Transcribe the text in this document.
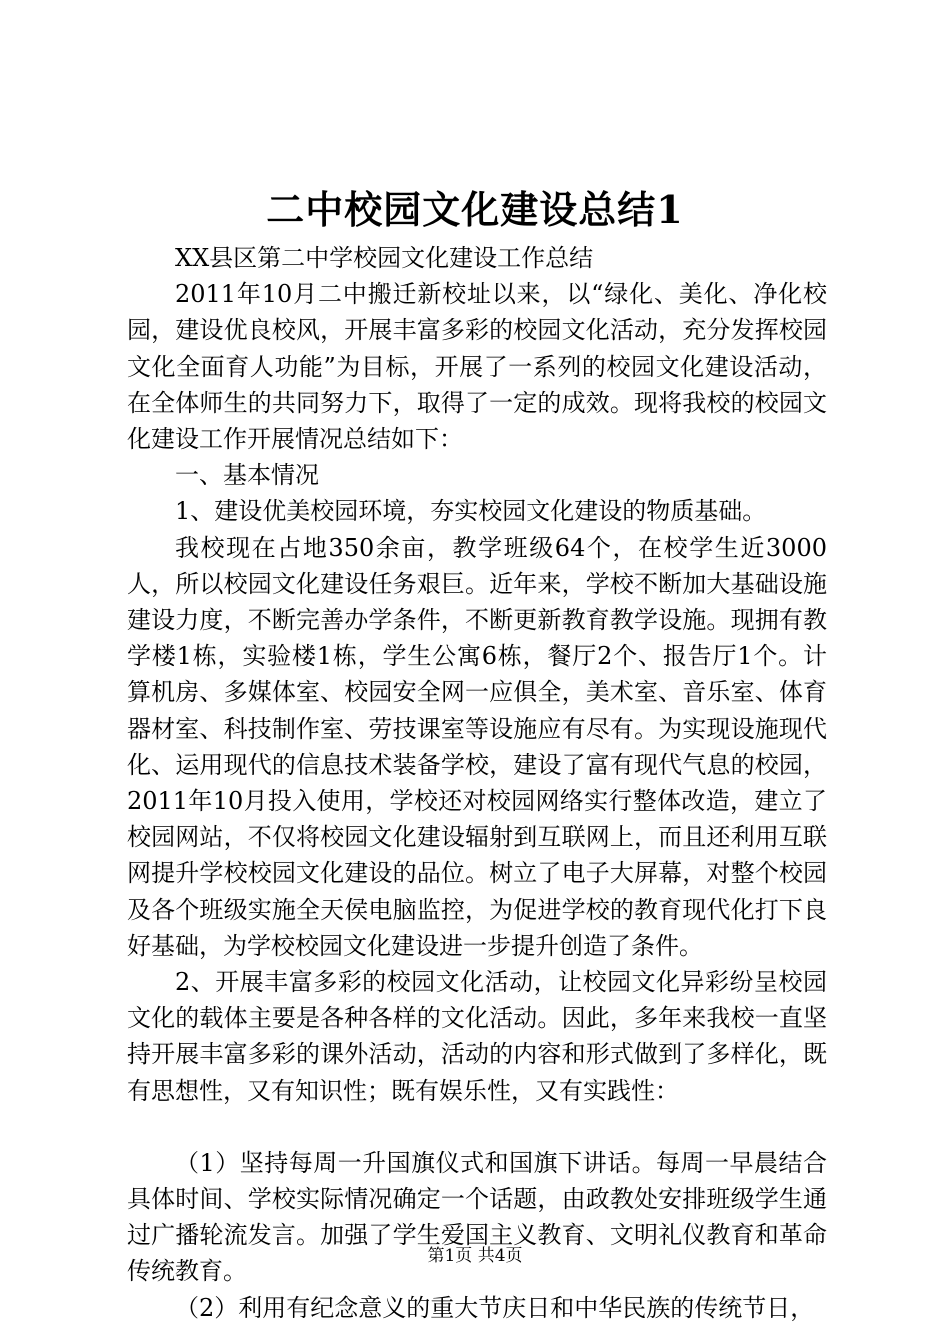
二中校园文化建设总结1

XX县区第二中学校园文化建设工作总结

2011年10月二中搬迁新校址以来，以“绿化、美化、净化校园，建设优良校风，开展丰富多彩的校园文化活动，充分发挥校园文化全面育人功能”为目标，开展了一系列的校园文化建设活动，在全体师生的共同努力下，取得了一定的成效。现将我校的校园文化建设工作开展情况总结如下：

一、基本情况

1、建设优美校园环境，夯实校园文化建设的物质基础。

我校现在占地350余亩，教学班级64个，在校学生近3000人，所以校园文化建设任务艰巨。近年来，学校不断加大基础设施建设力度，不断完善办学条件，不断更新教育教学设施。现拥有教学楼1栋，实验楼1栋，学生公寓6栋，餐厅2个、报告厅1个。计算机房、多媒体室、校园安全网一应俱全，美术室、音乐室、体育器材室、科技制作室、劳技课室等设施应有尽有。为实现设施现代化、运用现代的信息技术装备学校，建设了富有现代气息的校园，2011年10月投入使用，学校还对校园网络实行整体改造，建立了校园网站，不仅将校园文化建设辐射到互联网上，而且还利用互联网提升学校校园文化建设的品位。树立了电子大屏幕，对整个校园及各个班级实施全天侯电脑监控，为促进学校的教育现代化打下良好基础，为学校校园文化建设进一步提升创造了条件。

2、开展丰富多彩的校园文化活动，让校园文化异彩纷呈校园文化的载体主要是各种各样的文化活动。因此，多年来我校一直坚持开展丰富多彩的课外活动，活动的内容和形式做到了多样化，既有思想性，又有知识性；既有娱乐性，又有实践性：

（1）坚持每周一升国旗仪式和国旗下讲话。每周一早晨结合具体时间、学校实际情况确定一个话题，由政教处安排班级学生通过广播轮流发言。加强了学生爱国主义教育、文明礼仪教育和革命传统教育。

（2）利用有纪念意义的重大节庆日和中华民族的传统节日，

第1页 共4页
